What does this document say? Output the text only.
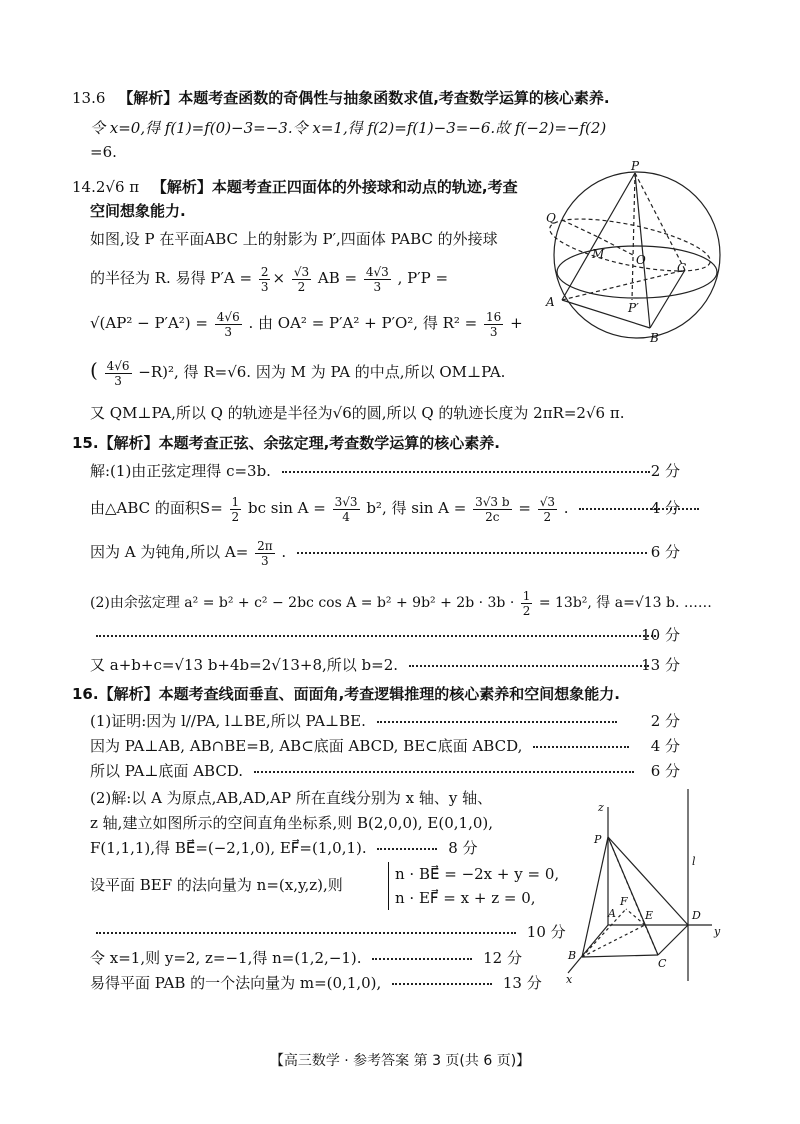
13.6 【解析】本题考查函数的奇偶性与抽象函数求值,考查数学运算的核心素养.
令 x=0,得 f(1)=f(0)−3=−3.令 x=1,得 f(2)=f(1)−3=−6.故 f(−2)=−f(2)
=6.
14.2√6 π 【解析】本题考查正四面体的外接球和动点的轨迹,考查
空间想象能力.
如图,设 P 在平面ABC 上的射影为 P′,四面体 PABC 的外接球
的半径为 R. 易得 $P'A = \frac{2}{3} \times \frac{√3}{2}$ AB = $\frac{4√3}{3}$ , P′P =
$√(AP^2 - P'A^2) = \frac{4√6}{3}$ . 由 OA² = P′A² + P′O², 得 $R^2 = \frac{16}{3}$ +
( $\frac{4√6}{3} -R)^2$, 得 R=√6. 因为 M 为 PA 的中点,所以 OM⊥PA.
又 QM⊥PA,所以 Q 的轨迹是半径为√6的圆,所以 Q 的轨迹长度为 2πR=2√6 π.
P
Q
M	O
C
A	P′
B
15.【解析】本题考查正弦、余弦定理,考查数学运算的核心素养.
解:(1)由正弦定理得 c=3b.	2 分
由△ABC 的面积$S= \frac{1}{2}$ bc $\sin A = \frac{3√3}{4} b^2$, 得 $\sin A = \frac{3√3 b}{2c} = \frac{√3}{2}$ .	4 分
因为 A 为钝角,所以 $A= \frac{2\pi}{3}$ .	6 分
(2)由余弦定理 a² = b² + c² − 2bc $\cos A = b^2 + 9b^2 + 2b \cdot 3b \cdot \frac{1}{2} = 13b^2$, 得 a=√13 b. ……
10 分
又 a+b+c=√13 b+4b=2√13+8,所以 b=2.	13 分
16.【解析】本题考查线面垂直、面面角,考查逻辑推理的核心素养和空间想象能力.
(1)证明:因为 l//PA, l⊥BE,所以 PA⊥BE.	2 分
因为 PA⊥AB, AB∩BE=B, AB⊂底面 ABCD, BE⊂底面 ABCD,	4 分
所以 PA⊥底面 ABCD.	6 分
(2)解:以 A 为原点,AB,AD,AP 所在直线分别为 x 轴、y 轴、
z 轴,建立如图所示的空间直角坐标系,则 B(2,0,0), E(0,1,0),
F(1,1,1),得 BE⃗=(−2,1,0), EF⃗=(1,0,1).	8 分
设平面 BEF 的法向量为 n=(x,y,z),则
n · BE⃗ = −2x + y = 0,
n · EF⃗ = x + z = 0,
10 分
令 x=1,则 y=2, z=−1,得 n=(1,2,−1).	12 分
易得平面 PAB 的一个法向量为 m=(0,1,0),	13 分
z
P
l
F
A	E	D
y
B
C
x
【高三数学 · 参考答案 第 3 页(共 6 页)】
